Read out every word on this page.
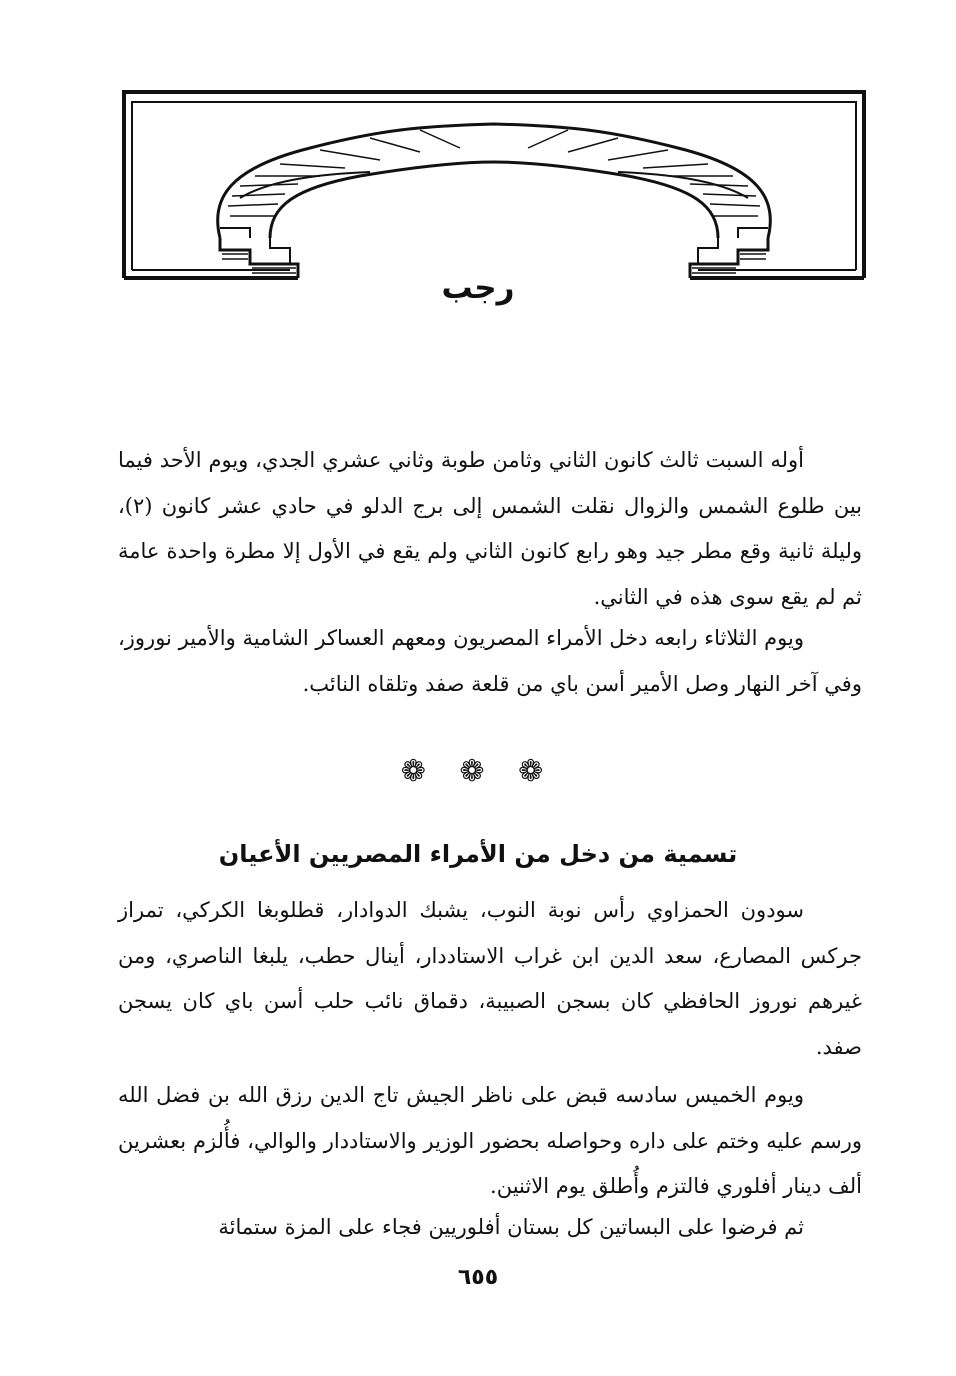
رجب

أوله السبت ثالث كانون الثاني وثامن طوبة وثاني عشري الجدي، ويوم الأحد فيما بين طلوع الشمس والزوال نقلت الشمس إلى برج الدلو في حادي عشر كانون (٢)، وليلة ثانية وقع مطر جيد وهو رابع كانون الثاني ولم يقع في الأول إلا مطرة واحدة عامة ثم لم يقع سوى هذه في الثاني.

ويوم الثلاثاء رابعه دخل الأمراء المصريون ومعهم العساكر الشامية والأمير نوروز، وفي آخر النهار وصل الأمير أسن باي من قلعة صفد وتلقاه النائب.

❁ ❁ ❁
تسمية من دخل من الأمراء المصريين الأعيان

سودون الحمزاوي رأس نوبة النوب، يشبك الدوادار، قطلوبغا الكركي، تمراز جركس المصارع، سعد الدين ابن غراب الاستاددار، أينال حطب، يلبغا الناصري، ومن غيرهم نوروز الحافظي كان بسجن الصبيبة، دقماق نائب حلب أسن باي كان يسجن صفد.

ويوم الخميس سادسه قبض على ناظر الجيش تاج الدين رزق الله بن فضل الله ورسم عليه وختم على داره وحواصله بحضور الوزير والاستاددار والوالي، فأُلزم بعشرين ألف دينار أفلوري فالتزم وأُطلق يوم الاثنين.

ثم فرضوا على البساتين كل بستان أفلوريين فجاء على المزة ستمائة

٦٥٥
